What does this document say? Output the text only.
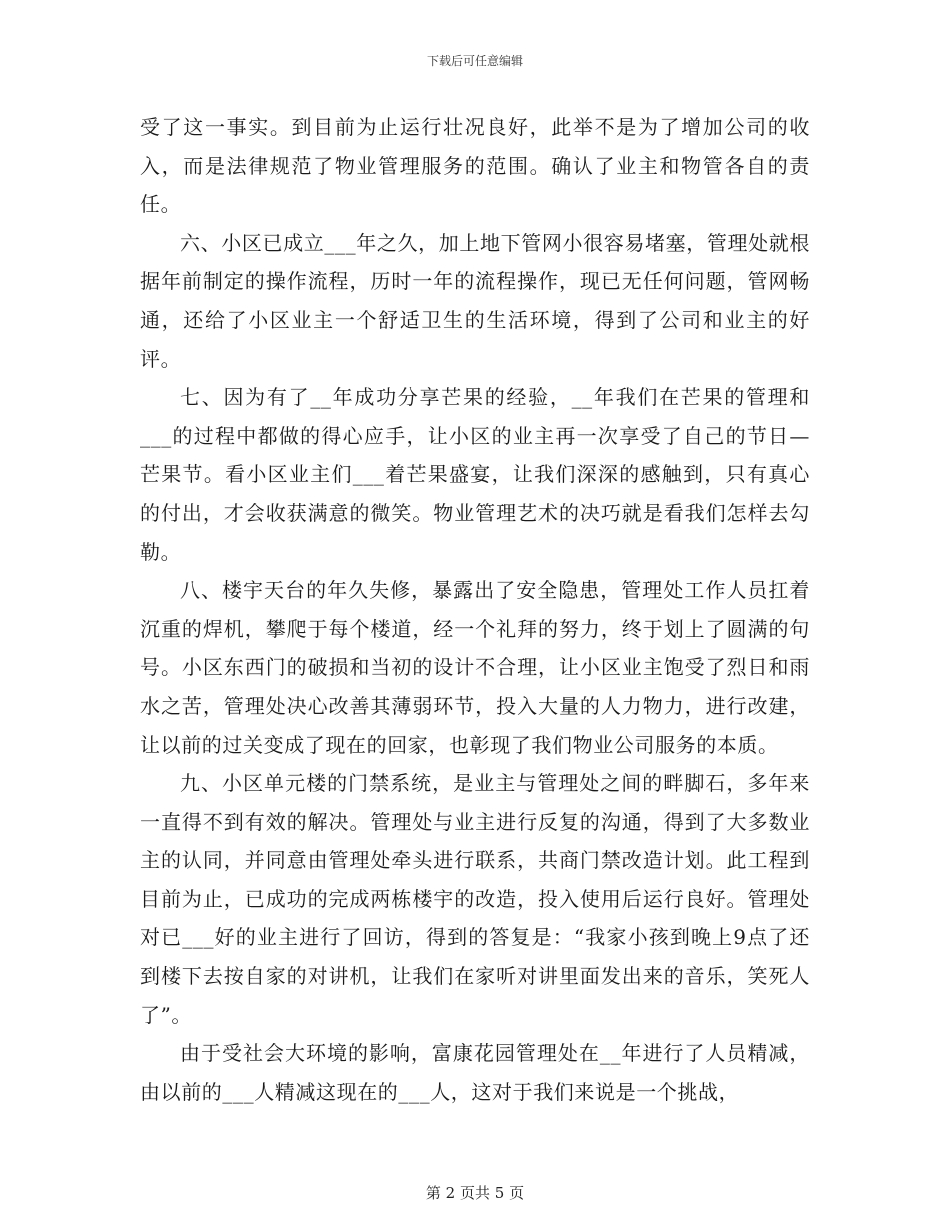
下载后可任意编辑

受了这一事实。到目前为止运行壮况良好，此举不是为了增加公司的收入，而是法律规范了物业管理服务的范围。确认了业主和物管各自的责任。

六、小区已成立___年之久，加上地下管网小很容易堵塞，管理处就根据年前制定的操作流程，历时一年的流程操作，现已无任何问题，管网畅通，还给了小区业主一个舒适卫生的生活环境，得到了公司和业主的好评。

七、因为有了__年成功分享芒果的经验，__年我们在芒果的管理和___的过程中都做的得心应手，让小区的业主再一次享受了自己的节日—芒果节。看小区业主们___着芒果盛宴，让我们深深的感触到，只有真心的付出，才会收获满意的微笑。物业管理艺术的决巧就是看我们怎样去勾勒。

八、楼宇天台的年久失修，暴露出了安全隐患，管理处工作人员扛着沉重的焊机，攀爬于每个楼道，经一个礼拜的努力，终于划上了圆满的句号。小区东西门的破损和当初的设计不合理，让小区业主饱受了烈日和雨水之苦，管理处决心改善其薄弱环节，投入大量的人力物力，进行改建，让以前的过关变成了现在的回家，也彰现了我们物业公司服务的本质。

九、小区单元楼的门禁系统，是业主与管理处之间的畔脚石，多年来一直得不到有效的解决。管理处与业主进行反复的沟通，得到了大多数业主的认同，并同意由管理处牵头进行联系，共商门禁改造计划。此工程到目前为止，已成功的完成两栋楼宇的改造，投入使用后运行良好。管理处对已___好的业主进行了回访，得到的答复是：“我家小孩到晚上9点了还到楼下去按自家的对讲机，让我们在家听对讲里面发出来的音乐，笑死人了”。

由于受社会大环境的影响，富康花园管理处在__年进行了人员精减，由以前的___人精减这现在的___人，这对于我们来说是一个挑战，

第 2 页共 5 页
